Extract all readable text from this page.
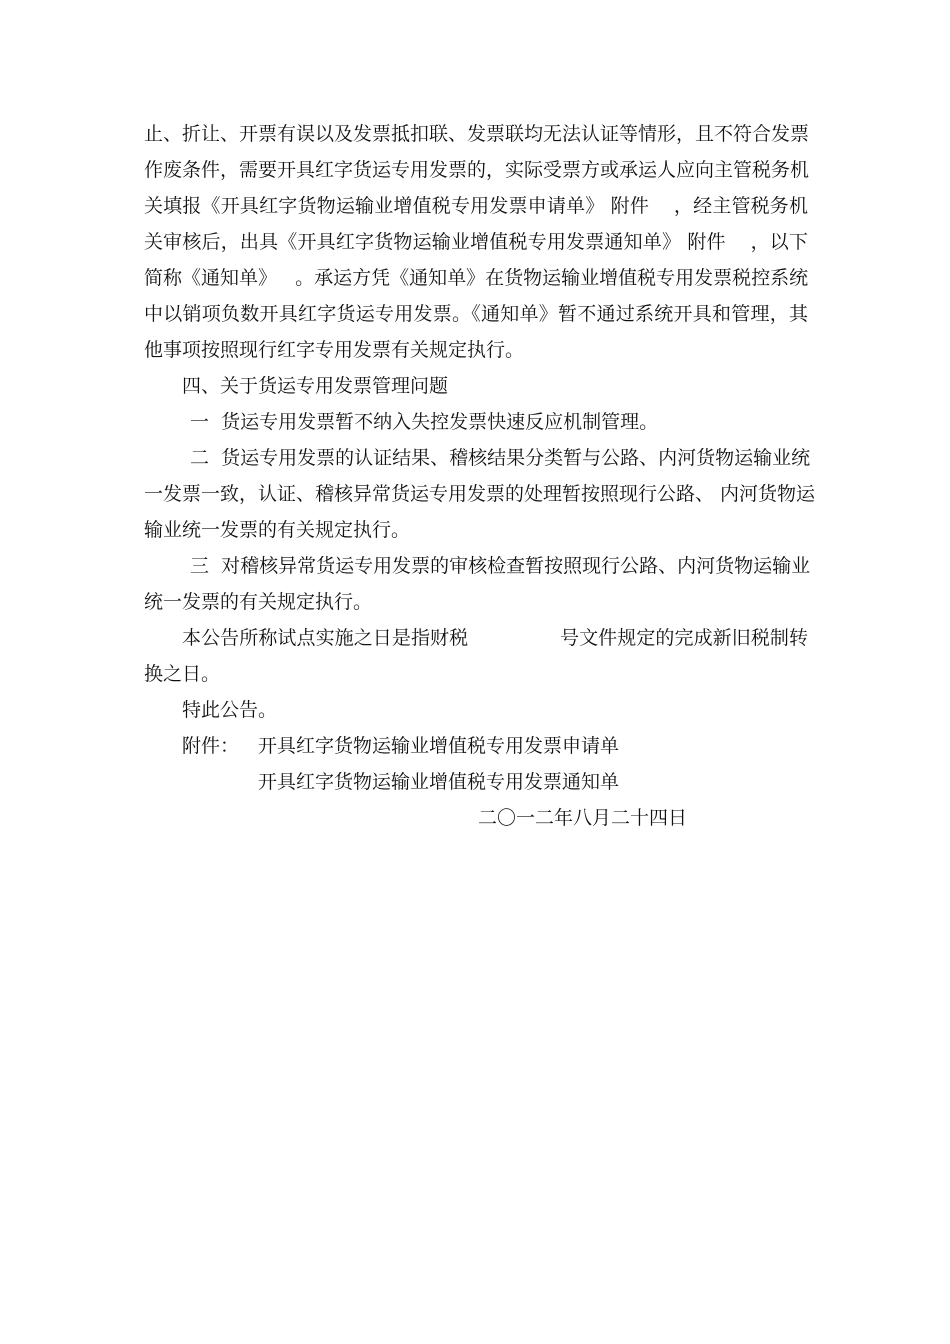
止、折让、开票有误以及发票抵扣联、发票联均无法认证等情形，且不符合发票
作废条件，需要开具红字货运专用发票的，实际受票方或承运人应向主管税务机
关填报《开具红字货物运输业增值税专用发票申请单》 附件    ，经主管税务机
关审核后，出具《开具红字货物运输业增值税专用发票通知单》 附件    ，以下
简称《通知单》   。承运方凭《通知单》在货物运输业增值税专用发票税控系统
中以销项负数开具红字货运专用发票。《通知单》暂不通过系统开具和管理，其
他事项按照现行红字专用发票有关规定执行。
四、关于货运专用发票管理问题
一  货运专用发票暂不纳入失控发票快速反应机制管理。
二  货运专用发票的认证结果、稽核结果分类暂与公路、内河货物运输业统
一发票一致，认证、稽核异常货运专用发票的处理暂按照现行公路、 内河货物运
输业统一发票的有关规定执行。
三  对稽核异常货运专用发票的审核检查暂按照现行公路、内河货物运输业
统一发票的有关规定执行。
本公告所称试点实施之日是指财税               号文件规定的完成新旧税制转
换之日。
特此公告。
附件： 开具红字货物运输业增值税专用发票申请单
开具红字货物运输业增值税专用发票通知单
二〇一二年八月二十四日
